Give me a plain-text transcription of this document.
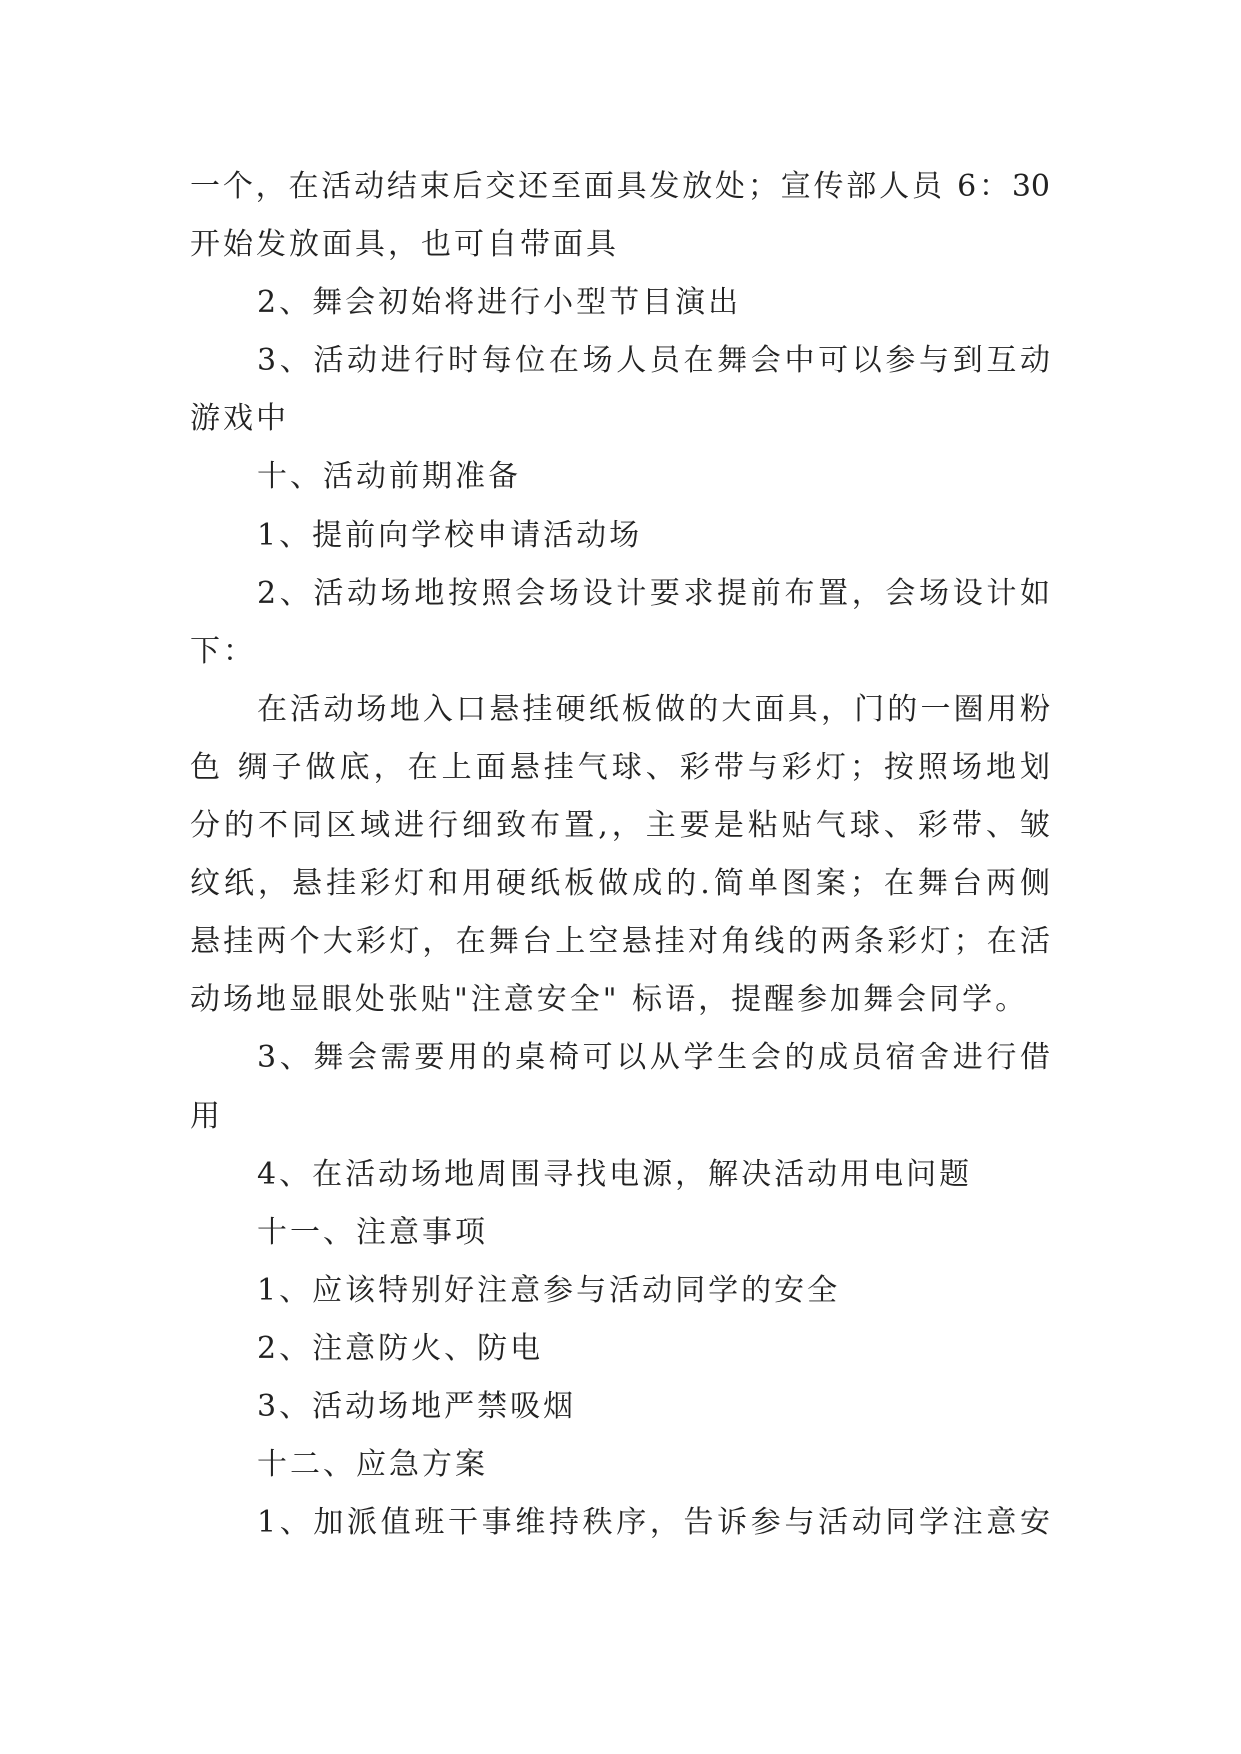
一个，在活动结束后交还至面具发放处；宣传部人员 6：30
开始发放面具，也可自带面具
2、舞会初始将进行小型节目演出
3、活动进行时每位在场人员在舞会中可以参与到互动
游戏中
十、活动前期准备
1、提前向学校申请活动场
2、活动场地按照会场设计要求提前布置，会场设计如
下：
在活动场地入口悬挂硬纸板做的大面具，门的一圈用粉
色 绸子做底，在上面悬挂气球、彩带与彩灯；按照场地划
分的不同区域进行细致布置,，主要是粘贴气球、彩带、皱
纹纸，悬挂彩灯和用硬纸板做成的.简单图案；在舞台两侧
悬挂两个大彩灯，在舞台上空悬挂对角线的两条彩灯；在活
动场地显眼处张贴"注意安全" 标语，提醒参加舞会同学。
3、舞会需要用的桌椅可以从学生会的成员宿舍进行借
用
4、在活动场地周围寻找电源，解决活动用电问题
十一、注意事项
1、应该特别好注意参与活动同学的安全
2、注意防火、防电
3、活动场地严禁吸烟
十二、应急方案
1、加派值班干事维持秩序，告诉参与活动同学注意安
